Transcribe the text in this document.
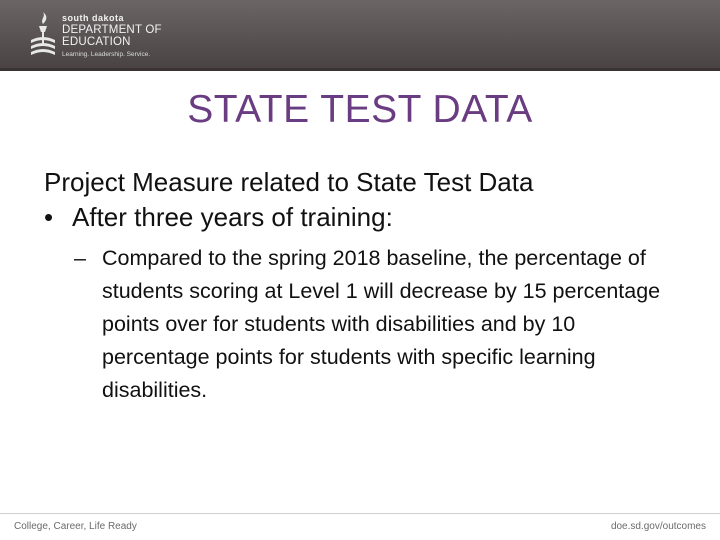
south dakota
DEPARTMENT OF EDUCATION
Learning. Leadership. Service.
STATE TEST DATA

Project Measure related to State Test Data

• After three years of training:
– Compared to the spring 2018 baseline, the percentage of students scoring at Level 1 will decrease by 15 percentage points over for students with disabilities and by 10 percentage points for students with specific learning disabilities.
College, Career, Life Ready	doe.sd.gov/outcomes
